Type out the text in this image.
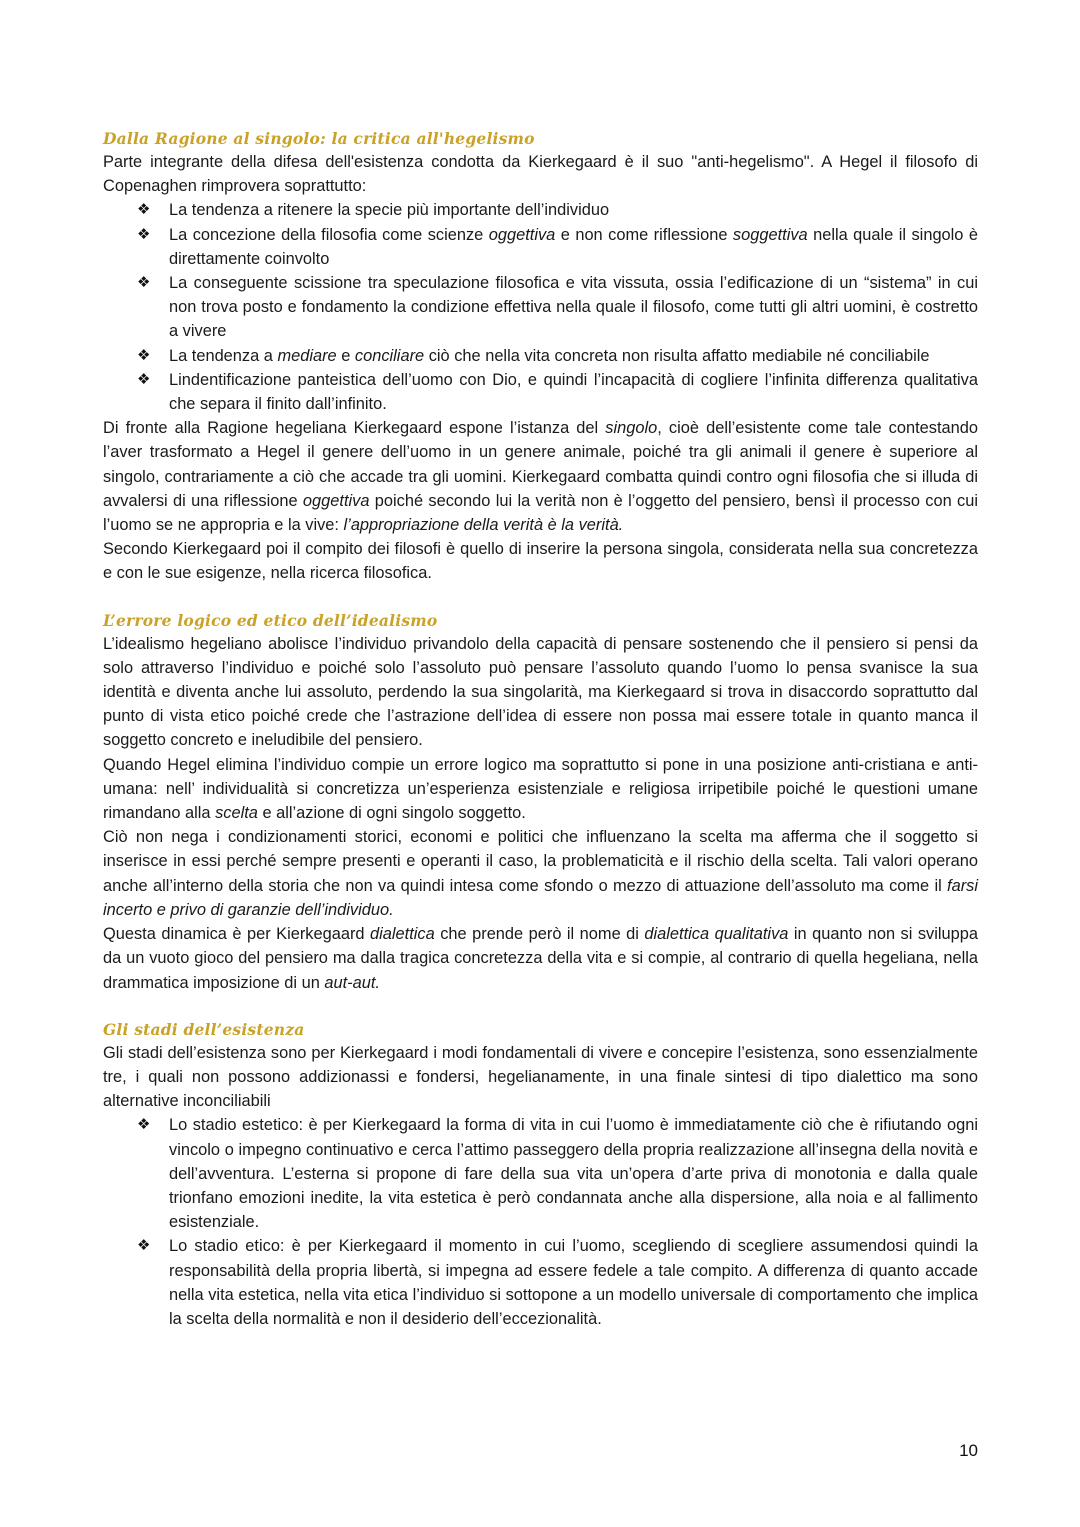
Dalla Ragione al singolo: la critica all'hegelismo

Parte integrante della difesa dell'esistenza condotta da Kierkegaard è il suo "anti-hegelismo". A Hegel il filosofo di Copenaghen rimprovera soprattutto:

❖ La tendenza a ritenere la specie più importante dell’individuo
❖ La concezione della filosofia come scienze oggettiva e non come riflessione soggettiva nella quale il singolo è direttamente coinvolto
❖ La conseguente scissione tra speculazione filosofica e vita vissuta, ossia l’edificazione di un “sistema” in cui non trova posto e fondamento la condizione effettiva nella quale il filosofo, come tutti gli altri uomini, è costretto a vivere
❖ La tendenza a mediare e conciliare ciò che nella vita concreta non risulta affatto mediabile né conciliabile
❖ Lindentificazione panteistica dell’uomo con Dio, e quindi l’incapacità di cogliere l’infinita differenza qualitativa che separa il finito dall’infinito.

Di fronte alla Ragione hegeliana Kierkegaard espone l’istanza del singolo, cioè dell’esistente come tale contestando l’aver trasformato a Hegel il genere dell’uomo in un genere animale, poiché tra gli animali il genere è superiore al singolo, contrariamente a ciò che accade tra gli uomini. Kierkegaard combatta quindi contro ogni filosofia che si illuda di avvalersi di una riflessione oggettiva poiché secondo lui la verità non è l’oggetto del pensiero, bensì il processo con cui l’uomo se ne appropria e la vive: l’appropriazione della verità è la verità.

Secondo Kierkegaard poi il compito dei filosofi è quello di inserire la persona singola, considerata nella sua concretezza e con le sue esigenze, nella ricerca filosofica.

L’errore logico ed etico dell’idealismo

L’idealismo hegeliano abolisce l’individuo privandolo della capacità di pensare sostenendo che il pensiero si pensi da solo attraverso l’individuo e poiché solo l’assoluto può pensare l’assoluto quando l’uomo lo pensa svanisce la sua identità e diventa anche lui assoluto, perdendo la sua singolarità, ma Kierkegaard si trova in disaccordo soprattutto dal punto di vista etico poiché crede che l’astrazione dell’idea di essere non possa mai essere totale in quanto manca il soggetto concreto e ineludibile del pensiero.

Quando Hegel elimina l’individuo compie un errore logico ma soprattutto si pone in una posizione anti-cristiana e anti-umana: nell’ individualità si concretizza un’esperienza esistenziale e religiosa irripetibile poiché le questioni umane rimandano alla scelta e all’azione di ogni singolo soggetto.

Ciò non nega i condizionamenti storici, economi e politici che influenzano la scelta ma afferma che il soggetto si inserisce in essi perché sempre presenti e operanti il caso, la problematicità e il rischio della scelta. Tali valori operano anche all’interno della storia che non va quindi intesa come sfondo o mezzo di attuazione dell’assoluto ma come il farsi incerto e privo di garanzie dell’individuo.

Questa dinamica è per Kierkegaard dialettica che prende però il nome di dialettica qualitativa in quanto non si sviluppa da un vuoto gioco del pensiero ma dalla tragica concretezza della vita e si compie, al contrario di quella hegeliana, nella drammatica imposizione di un aut-aut.

Gli stadi dell’esistenza

Gli stadi dell’esistenza sono per Kierkegaard i modi fondamentali di vivere e concepire l’esistenza, sono essenzialmente tre, i quali non possono addizionassi e fondersi, hegelianamente, in una finale sintesi di tipo dialettico ma sono alternative inconciliabili

❖ Lo stadio estetico: è per Kierkegaard la forma di vita in cui l’uomo è immediatamente ciò che è rifiutando ogni vincolo o impegno continuativo e cerca l’attimo passeggero della propria realizzazione all’insegna della novità e dell’avventura. L’esterna si propone di fare della sua vita un’opera d’arte priva di monotonia e dalla quale trionfano emozioni inedite, la vita estetica è però condannata anche alla dispersione, alla noia e al fallimento esistenziale.
❖ Lo stadio etico: è per Kierkegaard il momento in cui l’uomo, scegliendo di scegliere assumendosi quindi la responsabilità della propria libertà, si impegna ad essere fedele a tale compito. A differenza di quanto accade nella vita estetica, nella vita etica l’individuo si sottopone a un modello universale di comportamento che implica la scelta della normalità e non il desiderio dell’eccezionalità.
10
